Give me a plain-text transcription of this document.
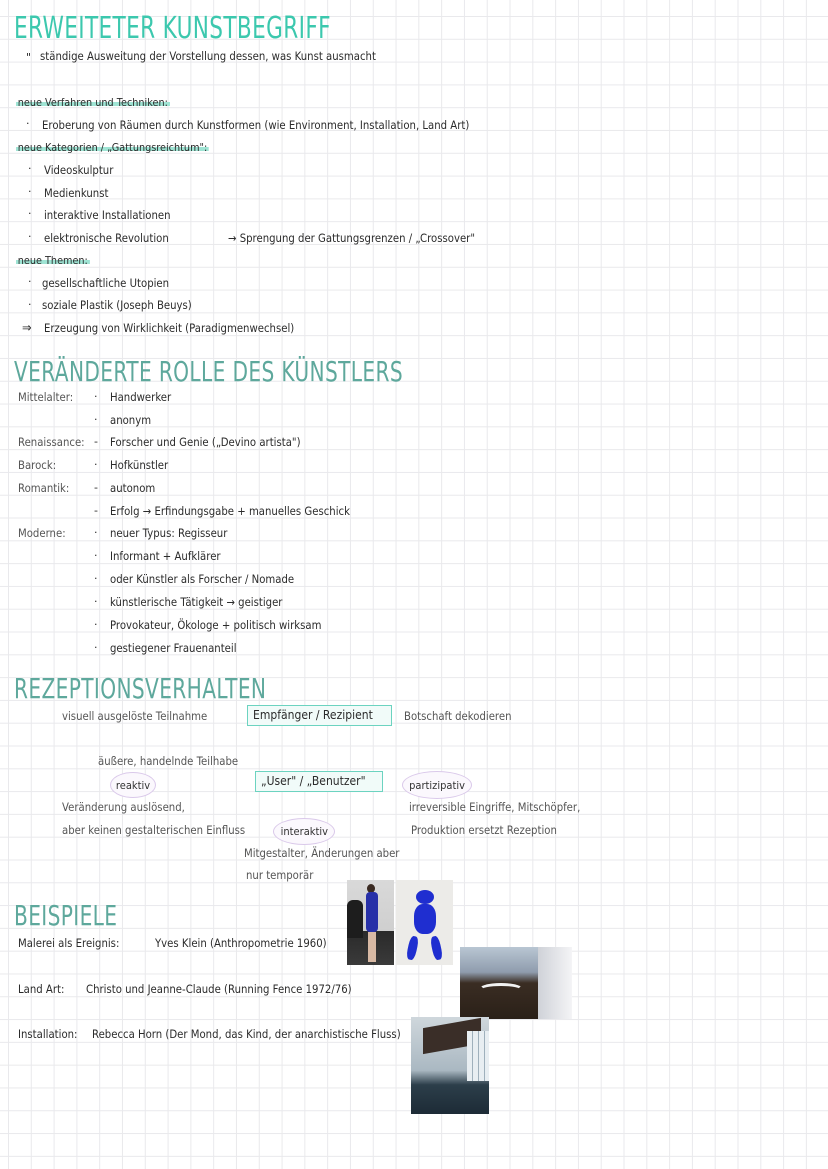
ERWEITETER KUNSTBEGRIFF
" ständige Ausweitung der Vorstellung dessen, was Kunst ausmacht
neue Verfahren und Techniken:
· Eroberung von Räumen durch Kunstformen (wie Environment, Installation, Land Art)
neue Kategorien / „Gattungsreichtum":
· Videoskulptur
· Medienkunst
· interaktive Installationen
· elektronische Revolution	→ Sprengung der Gattungsgrenzen / „Crossover"
neue Themen:
· gesellschaftliche Utopien
· soziale Plastik (Joseph Beuys)
⇒ Erzeugung von Wirklichkeit (Paradigmenwechsel)
VERÄNDERTE ROLLE DES KÜNSTLERS
Mittelalter: · Handwerker
· anonym
Renaissance: - Forscher und Genie („Devino artista")
Barock:	· Hofkünstler
Romantik: - autonom
- Erfolg → Erfindungsgabe + manuelles Geschick
Moderne:	· neuer Typus: Regisseur
· Informant + Aufklärer
· oder Künstler als Forscher / Nomade
· künstlerische Tätigkeit → geistiger
· Provokateur, Ökologe + politisch wirksam
· gestiegener Frauenanteil
REZEPTIONSVERHALTEN
visuell ausgelöste Teilnahme	Empfänger / Rezipient	Botschaft dekodieren
äußere, handelnde Teilhabe
„User" / „Benutzer"
reaktiv
Veränderung auslösend,
aber keinen gestalterischen Einfluss	interaktiv
Mitgestalter, Änderungen aber
nur temporär
partizipativ
irreversible Eingriffe, Mitschöpfer,
Produktion ersetzt Rezeption
BEISPIELE
Malerei als Ereignis:	Yves Klein (Anthropometrie 1960)
Land Art: Christo und Jeanne-Claude (Running Fence 1972/76)
Installation: Rebecca Horn (Der Mond, das Kind, der anarchistische Fluss)
